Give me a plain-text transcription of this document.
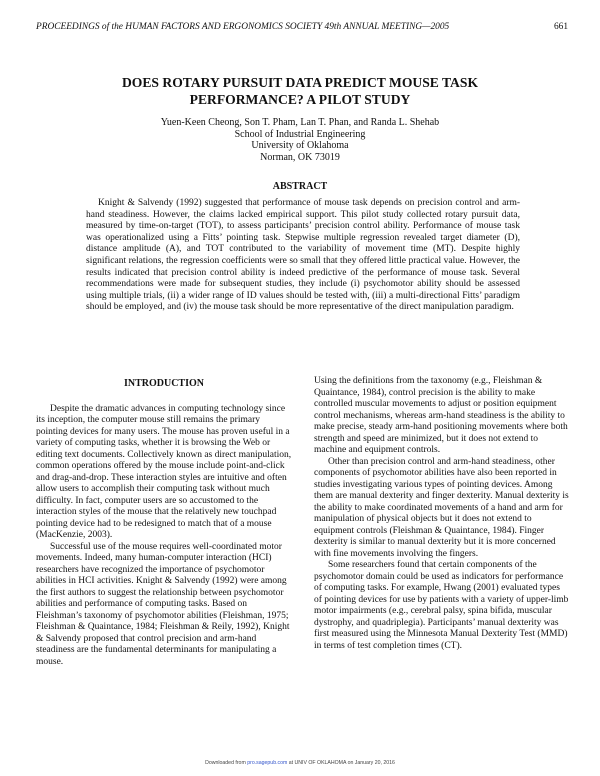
PROCEEDINGS of the HUMAN FACTORS AND ERGONOMICS SOCIETY 49th ANNUAL MEETING—2005	661
DOES ROTARY PURSUIT DATA PREDICT MOUSE TASK
PERFORMANCE? A PILOT STUDY
Yuen-Keen Cheong, Son T. Pham, Lan T. Phan, and Randa L. Shehab
School of Industrial Engineering
University of Oklahoma
Norman, OK 73019
ABSTRACT

Knight & Salvendy (1992) suggested that performance of mouse task depends on precision control and arm-hand steadiness. However, the claims lacked empirical support. This pilot study collected rotary pursuit data, measured by time-on-target (TOT), to assess participants’ precision control ability. Performance of mouse task was operationalized using a Fitts’ pointing task. Stepwise multiple regression revealed target diameter (D), distance amplitude (A), and TOT contributed to the variability of movement time (MT). Despite highly significant relations, the regression coefficients were so small that they offered little practical value. However, the results indicated that precision control ability is indeed predictive of the performance of mouse task. Several recommendations were made for subsequent studies, they include (i) psychomotor ability should be assessed using multiple trials, (ii) a wider range of ID values should be tested with, (iii) a multi-directional Fitts’ paradigm should be employed, and (iv) the mouse task should be more representative of the direct manipulation paradigm.

INTRODUCTION

Despite the dramatic advances in computing technology since its inception, the computer mouse still remains the primary pointing devices for many users. The mouse has proven useful in a variety of computing tasks, whether it is browsing the Web or editing text documents. Collectively known as direct manipulation, common operations offered by the mouse include point-and-click and drag-and-drop. These interaction styles are intuitive and often allow users to accomplish their computing task without much difficulty. In fact, computer users are so accustomed to the interaction styles of the mouse that the relatively new touchpad pointing device had to be redesigned to match that of a mouse (MacKenzie, 2003).

Successful use of the mouse requires well-coordinated motor movements. Indeed, many human-computer interaction (HCI) researchers have recognized the importance of psychomotor abilities in HCI activities. Knight & Salvendy (1992) were among the first authors to suggest the relationship between psychomotor abilities and performance of computing tasks. Based on Fleishman’s taxonomy of psychomotor abilities (Fleishman, 1975; Fleishman & Quaintance, 1984; Fleishman & Reily, 1992), Knight & Salvendy proposed that control precision and arm-hand steadiness are the fundamental determinants for manipulating a mouse.

Using the definitions from the taxonomy (e.g., Fleishman & Quaintance, 1984), control precision is the ability to make controlled muscular movements to adjust or position equipment control mechanisms, whereas arm-hand steadiness is the ability to make precise, steady arm-hand positioning movements where both strength and speed are minimized, but it does not extend to machine and equipment controls.

Other than precision control and arm-hand steadiness, other components of psychomotor abilities have also been reported in studies investigating various types of pointing devices. Among them are manual dexterity and finger dexterity. Manual dexterity is the ability to make coordinated movements of a hand and arm for manipulation of physical objects but it does not extend to equipment controls (Fleishman & Quaintance, 1984). Finger dexterity is similar to manual dexterity but it is more concerned with fine movements involving the fingers.

Some researchers found that certain components of the psychomotor domain could be used as indicators for performance of computing tasks. For example, Hwang (2001) evaluated types of pointing devices for use by patients with a variety of upper-limb motor impairments (e.g., cerebral palsy, spina bifida, muscular dystrophy, and quadriplegia). Participants’ manual dexterity was first measured using the Minnesota Manual Dexterity Test (MMD) in terms of test completion times (CT).

Downloaded from pro.sagepub.com at UNIV OF OKLAHOMA on January 20, 2016
